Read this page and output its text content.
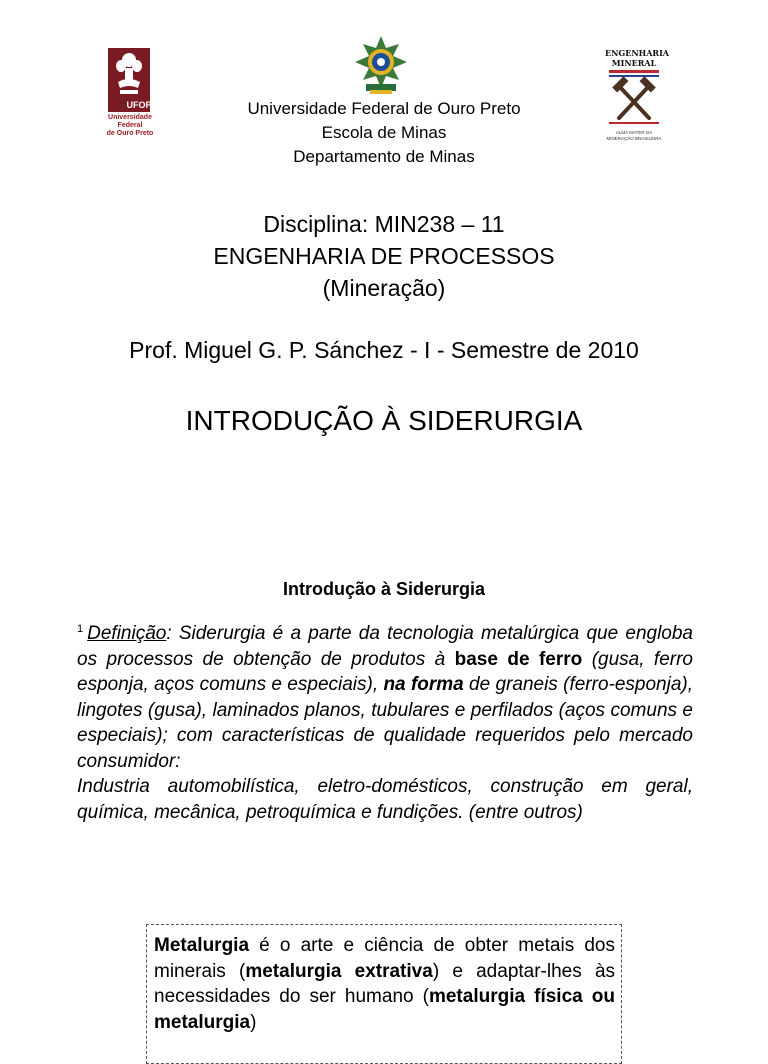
UFOP
Universidade Federal
de Ouro Preto
ENGENHARIA
MINERAL
ALMA MATER DA
MINERAÇÃO BRASILEIRA
Universidade Federal de Ouro Preto
Escola de Minas
Departamento de Minas
Disciplina: MIN238 – 11
ENGENHARIA DE PROCESSOS
(Mineração)
Prof. Miguel G. P. Sánchez - I - Semestre de 2010
INTRODUÇÃO À SIDERURGIA
Introdução à Siderurgia
$^1$ Definição: Siderurgia é a parte da tecnologia metalúrgica que engloba os processos de obtenção de produtos à base de ferro (gusa, ferro esponja, aços comuns e especiais), na forma de graneis (ferro-esponja), lingotes (gusa), laminados planos, tubulares e perfilados (aços comuns e especiais); com características de qualidade requeridos pelo mercado consumidor:
Industria automobilística, eletro-domésticos, construção em geral, química, mecânica, petroquímica e fundições. (entre outros)
Metalurgia é o arte e ciência de obter metais dos minerais (metalurgia extrativa) e adaptar-lhes às necessidades do ser humano (metalurgia física ou metalurgia)
